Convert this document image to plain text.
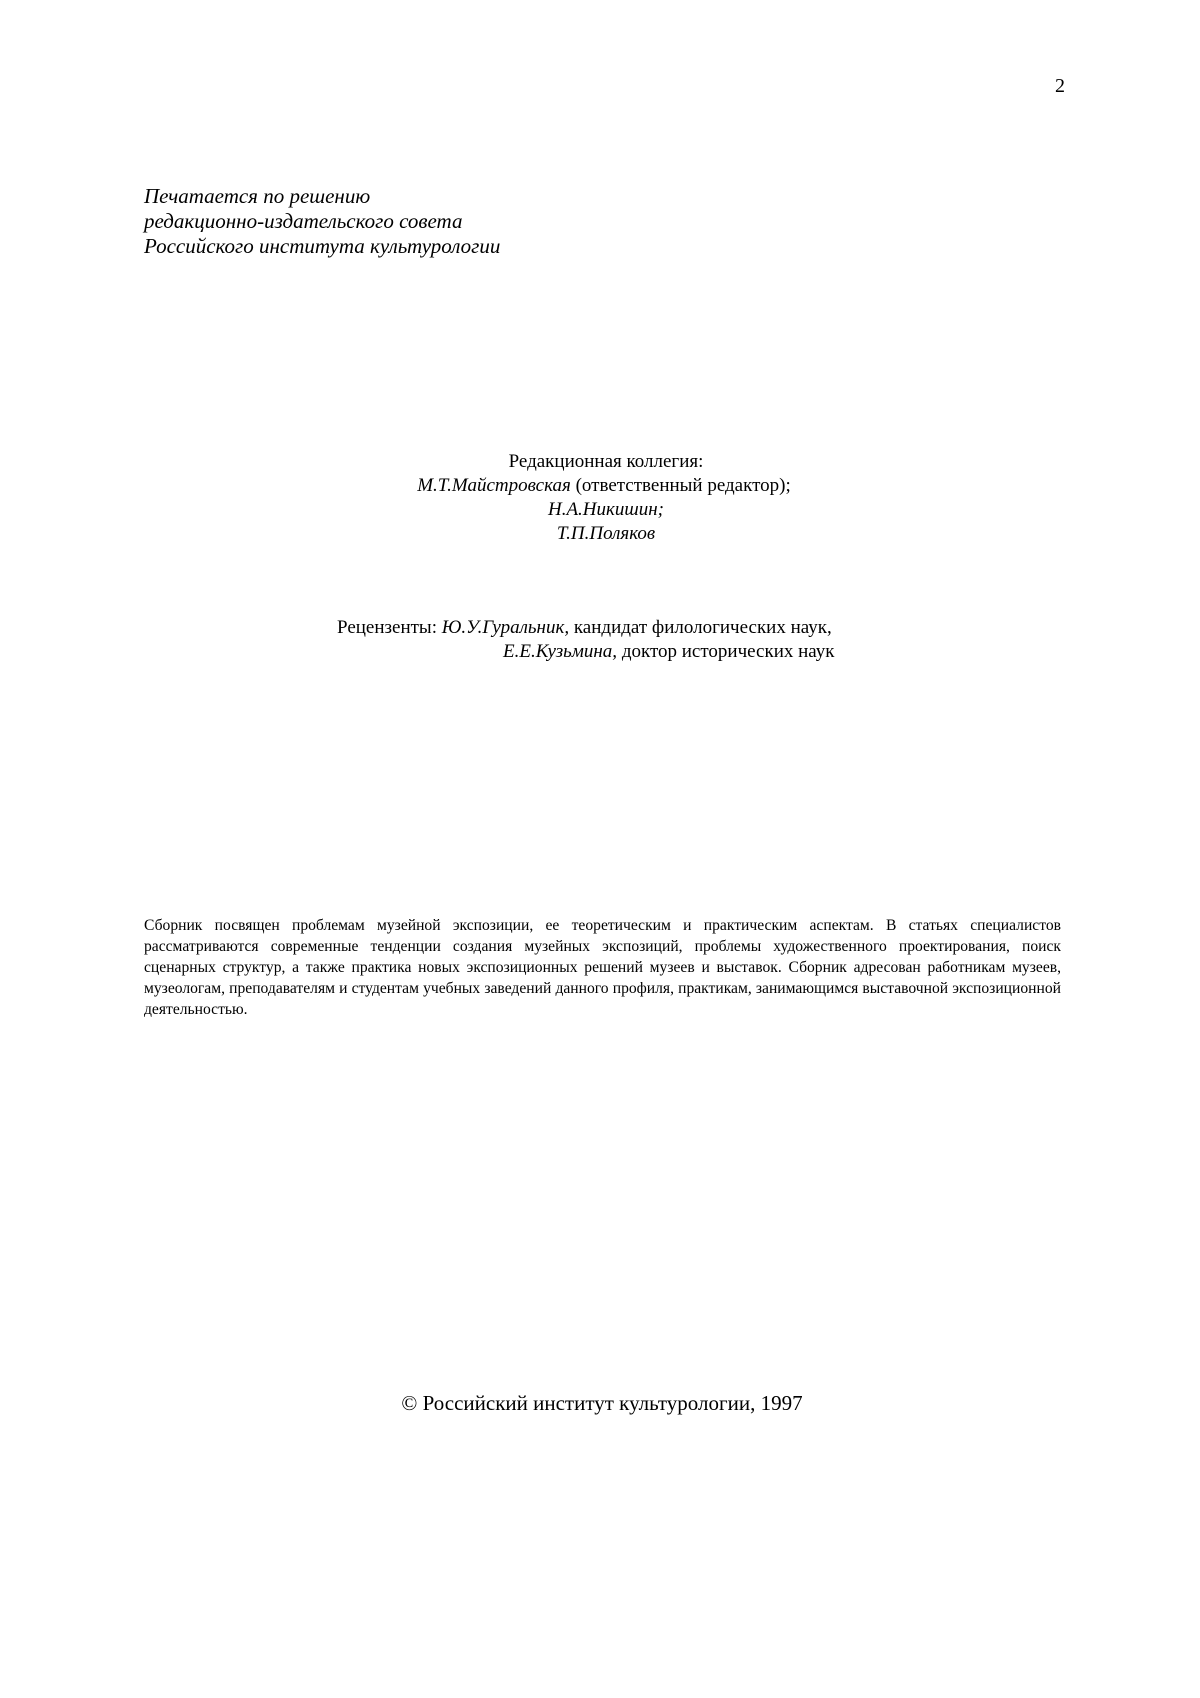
2
Печатается по решению
редакционно-издательского совета
Российского института культурологии
Редакционная коллегия:
М.Т.Майстровская (ответственный редактор);
Н.А.Никишин;
Т.П.Поляков
Рецензенты: Ю.У.Гуральник, кандидат филологических наук,
Е.Е.Кузьмина, доктор исторических наук
Сборник посвящен проблемам музейной экспозиции, ее теоретическим и практическим аспектам. В статьях специалистов рассматриваются современные тенденции создания музейных экспозиций, проблемы художественного проектирования, поиск сценарных структур, а также практика новых экспозиционных решений музеев и выставок. Сборник адресован работникам музеев, музеологам, преподавателям и студентам учебных заведений данного профиля, практикам, занимающимся выставочной экспозиционной деятельностью.
© Российский институт культурологии, 1997
